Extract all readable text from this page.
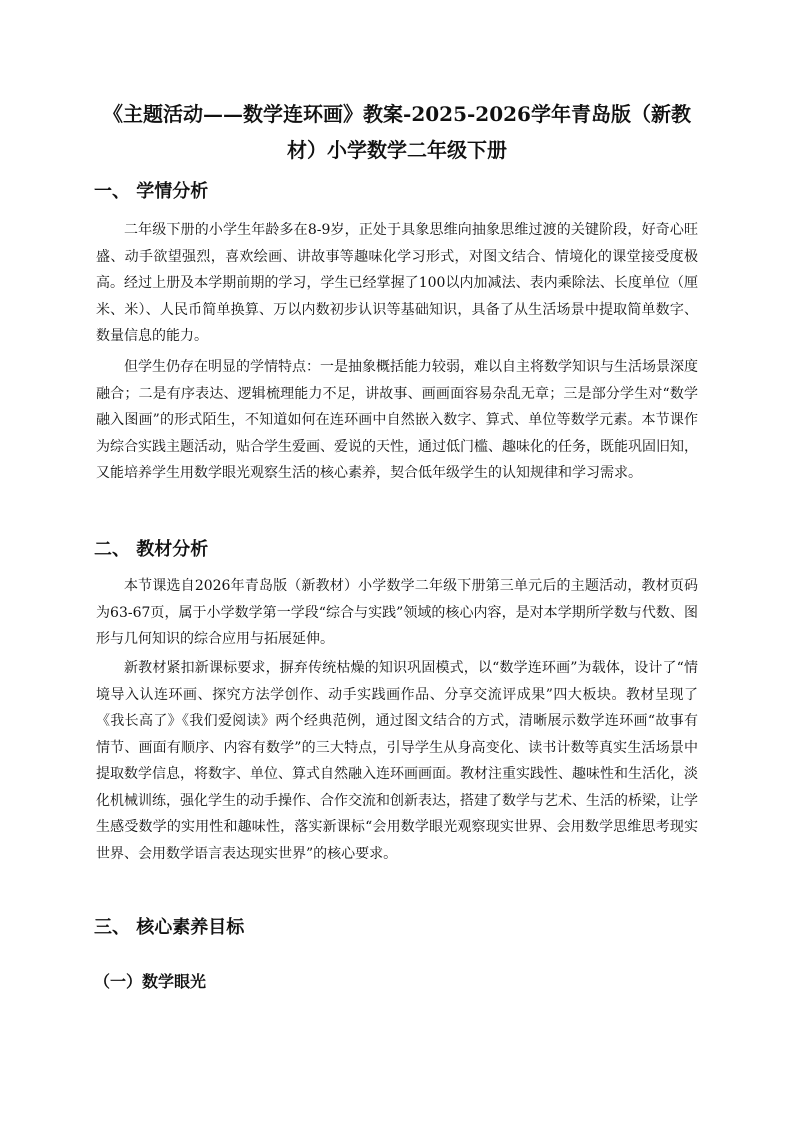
《主题活动——数学连环画》教案-2025-2026学年青岛版（新教材）小学数学二年级下册
一、 学情分析

二年级下册的小学生年龄多在8-9岁，正处于具象思维向抽象思维过渡的关键阶段，好奇心旺盛、动手欲望强烈，喜欢绘画、讲故事等趣味化学习形式，对图文结合、情境化的课堂接受度极高。经过上册及本学期前期的学习，学生已经掌握了100以内加减法、表内乘除法、长度单位（厘米、米）、人民币简单换算、万以内数初步认识等基础知识，具备了从生活场景中提取简单数字、数量信息的能力。

但学生仍存在明显的学情特点：一是抽象概括能力较弱，难以自主将数学知识与生活场景深度融合；二是有序表达、逻辑梳理能力不足，讲故事、画画面容易杂乱无章；三是部分学生对“数学融入图画”的形式陌生，不知道如何在连环画中自然嵌入数字、算式、单位等数学元素。本节课作为综合实践主题活动，贴合学生爱画、爱说的天性，通过低门槛、趣味化的任务，既能巩固旧知，又能培养学生用数学眼光观察生活的核心素养，契合低年级学生的认知规律和学习需求。

二、 教材分析

本节课选自2026年青岛版（新教材）小学数学二年级下册第三单元后的主题活动，教材页码为63-67页，属于小学数学第一学段“综合与实践”领域的核心内容，是对本学期所学数与代数、图形与几何知识的综合应用与拓展延伸。

新教材紧扣新课标要求，摒弃传统枯燥的知识巩固模式，以“数学连环画”为载体，设计了“情境导入认连环画、探究方法学创作、动手实践画作品、分享交流评成果”四大板块。教材呈现了《我长高了》《我们爱阅读》两个经典范例，通过图文结合的方式，清晰展示数学连环画“故事有情节、画面有顺序、内容有数学”的三大特点，引导学生从身高变化、读书计数等真实生活场景中提取数学信息，将数字、单位、算式自然融入连环画画面。教材注重实践性、趣味性和生活化，淡化机械训练，强化学生的动手操作、合作交流和创新表达，搭建了数学与艺术、生活的桥梁，让学生感受数学的实用性和趣味性，落实新课标“会用数学眼光观察现实世界、会用数学思维思考现实世界、会用数学语言表达现实世界”的核心要求。

三、 核心素养目标
（一）数学眼光
